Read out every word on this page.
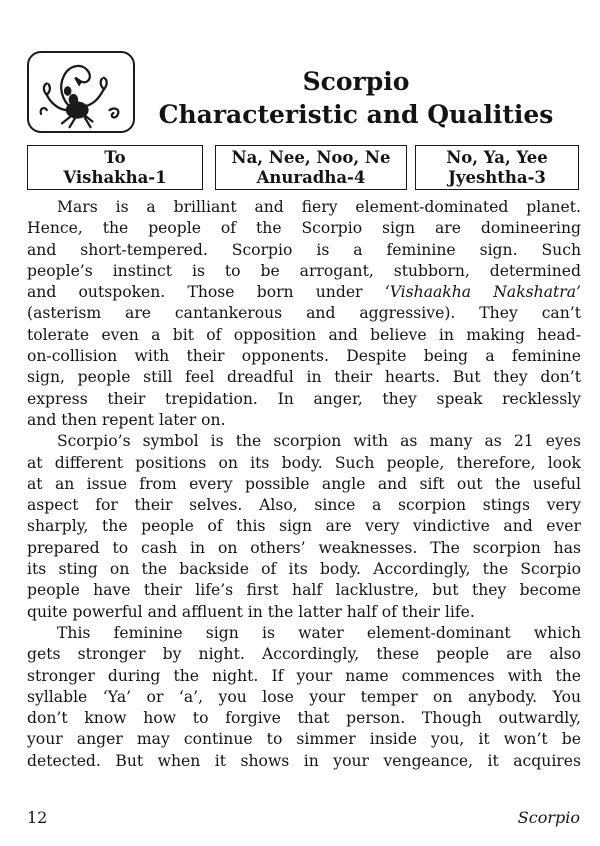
Scorpio
Characteristic and Qualities
To
Vishakha-1
Na, Nee, Noo, Ne
Anuradha-4
No, Ya, Yee
Jyeshtha-3
Mars is a brilliant and fiery element-dominated planet.
Hence, the people of the Scorpio sign are domineering
and short-tempered. Scorpio is a feminine sign. Such
people’s instinct is to be arrogant, stubborn, determined
and outspoken. Those born under ‘Vishaakha Nakshatra’
(asterism are cantankerous and aggressive). They can’t
tolerate even a bit of opposition and believe in making head-
on-collision with their opponents. Despite being a feminine
sign, people still feel dreadful in their hearts. But they don’t
express their trepidation. In anger, they speak recklessly
and then repent later on.
Scorpio’s symbol is the scorpion with as many as 21 eyes
at different positions on its body. Such people, therefore, look
at an issue from every possible angle and sift out the useful
aspect for their selves. Also, since a scorpion stings very
sharply, the people of this sign are very vindictive and ever
prepared to cash in on others’ weaknesses. The scorpion has
its sting on the backside of its body. Accordingly, the Scorpio
people have their life’s first half lacklustre, but they become
quite powerful and affluent in the latter half of their life.
This feminine sign is water element-dominant which
gets stronger by night. Accordingly, these people are also
stronger during the night. If your name commences with the
syllable ‘Ya’ or ‘a’, you lose your temper on anybody. You
don’t know how to forgive that person. Though outwardly,
your anger may continue to simmer inside you, it won’t be
detected. But when it shows in your vengeance, it acquires
12	Scorpio
